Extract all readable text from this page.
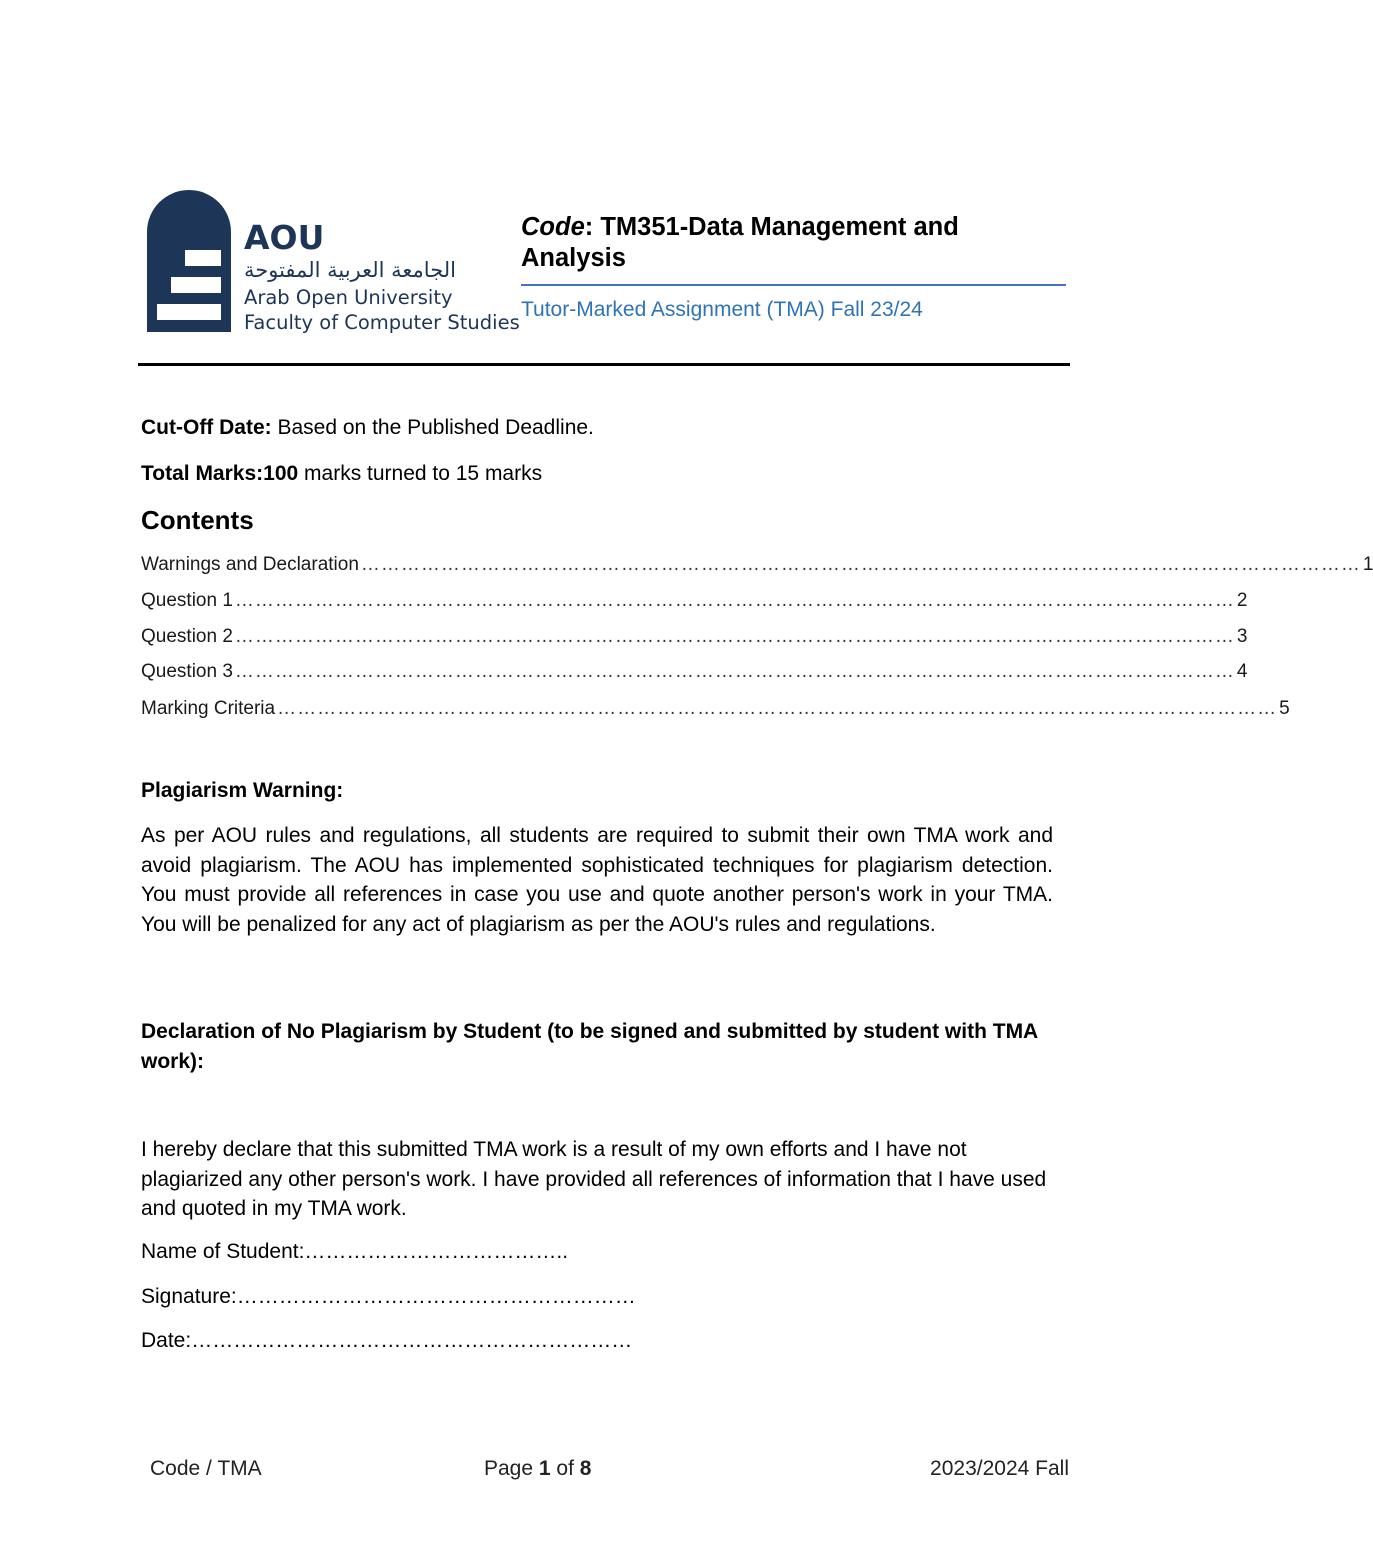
AOU
الجامعة العربية المفتوحة
Arab Open University
Faculty of Computer Studies
Code: TM351-Data Management and Analysis
Tutor-Marked Assignment (TMA) Fall 23/24
Cut-Off Date: Based on the Published Deadline.
Total Marks:100 marks turned to 15 marks
Contents
Warnings and Declaration …………………………………………………………………………………………………………………………………… 1
Question 1 …………………………………………………………………………………………………………………………………… 2
Question 2 …………………………………………………………………………………………………………………………………… 3
Question 3 …………………………………………………………………………………………………………………………………… 4
Marking Criteria …………………………………………………………………………………………………………………………………… 5
Plagiarism Warning:

As per AOU rules and regulations, all students are required to submit their own TMA work and avoid plagiarism. The AOU has implemented sophisticated techniques for plagiarism detection. You must provide all references in case you use and quote another person's work in your TMA. You will be penalized for any act of plagiarism as per the AOU's rules and regulations.

Declaration of No Plagiarism by Student (to be signed and submitted by student with TMA work):

I hereby declare that this submitted TMA work is a result of my own efforts and I have not plagiarized any other person's work. I have provided all references of information that I have used and quoted in my TMA work.

Name of Student:………………………………..
Signature:…………………………………………………
Date:………………………………………………………
Code / TMA	Page 1 of 8	2023/2024 Fall
